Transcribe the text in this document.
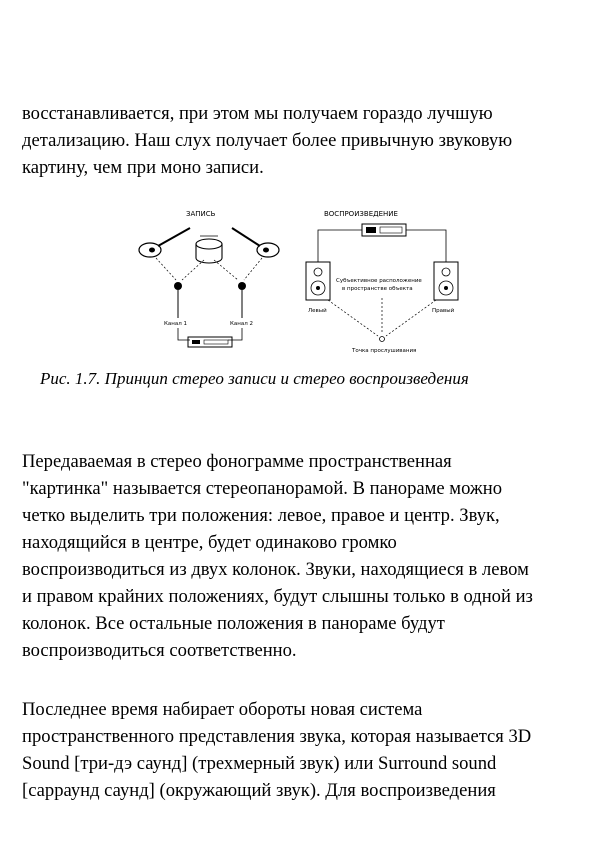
восстанавливается, при этом мы получаем гораздо лучшую
детализацию. Наш слух получает более привычную звуковую
картину, чем при моно записи.
ЗАПИСЬ
Канал 1	Канал 2
ВОСПРОИЗВЕДЕНИЕ
Субъективное расположение
в пространстве объекта
Левый	Правый
Точка прослушивания
Рис. 1.7. Принцип стерео записи и стерео воспроизведения
Передаваемая в стерео фонограмме пространственная
"картинка" называется стереопанорамой. В панораме можно
четко выделить три положения: левое, правое и центр. Звук,
находящийся в центре, будет одинаково громко
воспроизводиться из двух колонок. Звуки, находящиеся в левом
и правом крайних положениях, будут слышны только в одной из
колонок. Все остальные положения в панораме будут
воспроизводиться соответственно.
Последнее время набирает обороты новая система
пространственного представления звука, которая называется 3D
Sound [три-дэ саунд] (трехмерный звук) или Surround sound
[сарраунд саунд] (окружающий звук). Для воспроизведения
